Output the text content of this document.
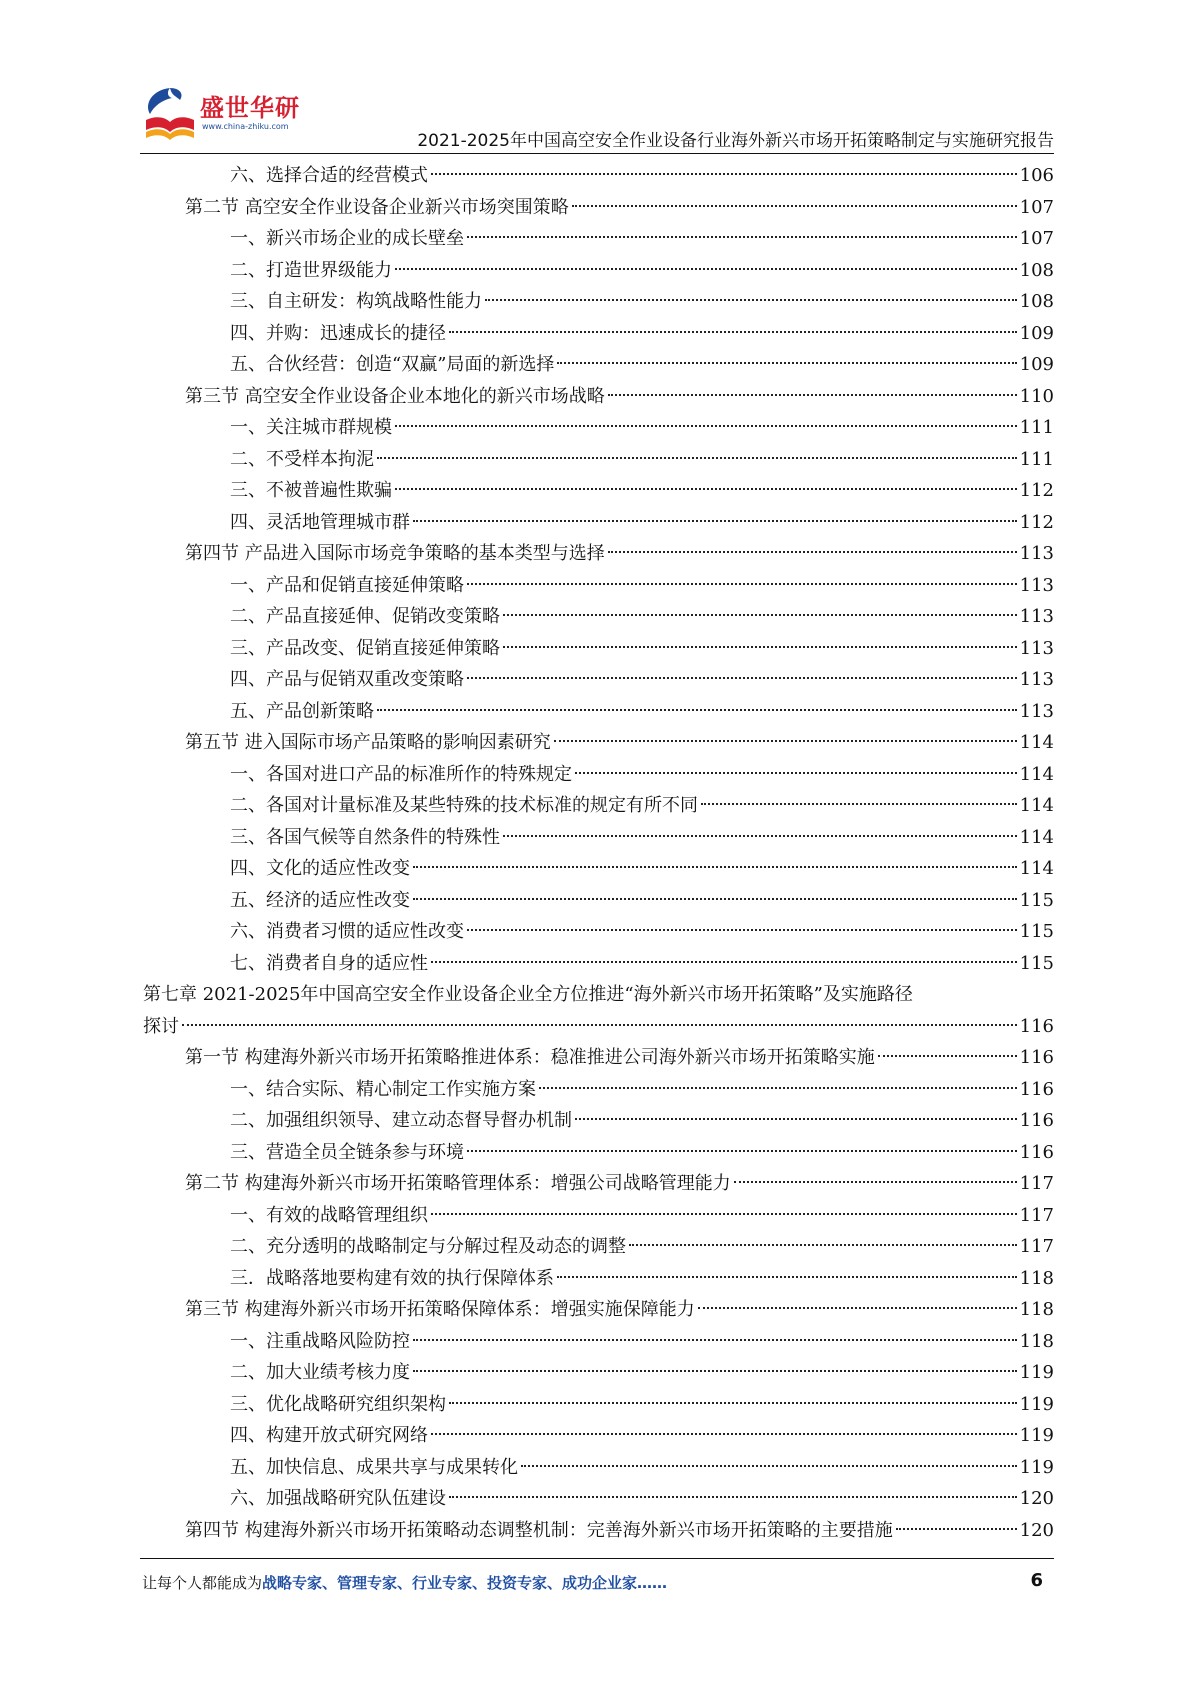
盛世华研
www.china-zhiku.com
2021-2025年中国高空安全作业设备行业海外新兴市场开拓策略制定与实施研究报告
六、选择合适的经营模式	106
第二节 高空安全作业设备企业新兴市场突围策略	107
一、新兴市场企业的成长壁垒	107
二、打造世界级能力	108
三、自主研发：构筑战略性能力	108
四、并购：迅速成长的捷径	109
五、合伙经营：创造“双赢”局面的新选择	109
第三节 高空安全作业设备企业本地化的新兴市场战略	110
一、关注城市群规模	111
二、不受样本拘泥	111
三、不被普遍性欺骗	112
四、灵活地管理城市群	112
第四节 产品进入国际市场竞争策略的基本类型与选择	113
一、产品和促销直接延伸策略	113
二、产品直接延伸、促销改变策略	113
三、产品改变、促销直接延伸策略	113
四、产品与促销双重改变策略	113
五、产品创新策略	113
第五节 进入国际市场产品策略的影响因素研究	114
一、各国对进口产品的标准所作的特殊规定	114
二、各国对计量标准及某些特殊的技术标准的规定有所不同	114
三、各国气候等自然条件的特殊性	114
四、文化的适应性改变	114
五、经济的适应性改变	115
六、消费者习惯的适应性改变	115
七、消费者自身的适应性	115
第七章 2021-2025年中国高空安全作业设备企业全方位推进“海外新兴市场开拓策略”及实施路径
探讨	116
第一节 构建海外新兴市场开拓策略推进体系：稳准推进公司海外新兴市场开拓策略实施	116
一、结合实际、精心制定工作实施方案	116
二、加强组织领导、建立动态督导督办机制	116
三、营造全员全链条参与环境	116
第二节 构建海外新兴市场开拓策略管理体系：增强公司战略管理能力	117
一、有效的战略管理组织	117
二、充分透明的战略制定与分解过程及动态的调整	117
三．战略落地要构建有效的执行保障体系	118
第三节 构建海外新兴市场开拓策略保障体系：增强实施保障能力	118
一、注重战略风险防控	118
二、加大业绩考核力度	119
三、优化战略研究组织架构	119
四、构建开放式研究网络	119
五、加快信息、成果共享与成果转化	119
六、加强战略研究队伍建设	120
第四节 构建海外新兴市场开拓策略动态调整机制：完善海外新兴市场开拓策略的主要措施	120
让每个人都能成为战略专家、管理专家、行业专家、投资专家、成功企业家……	6
